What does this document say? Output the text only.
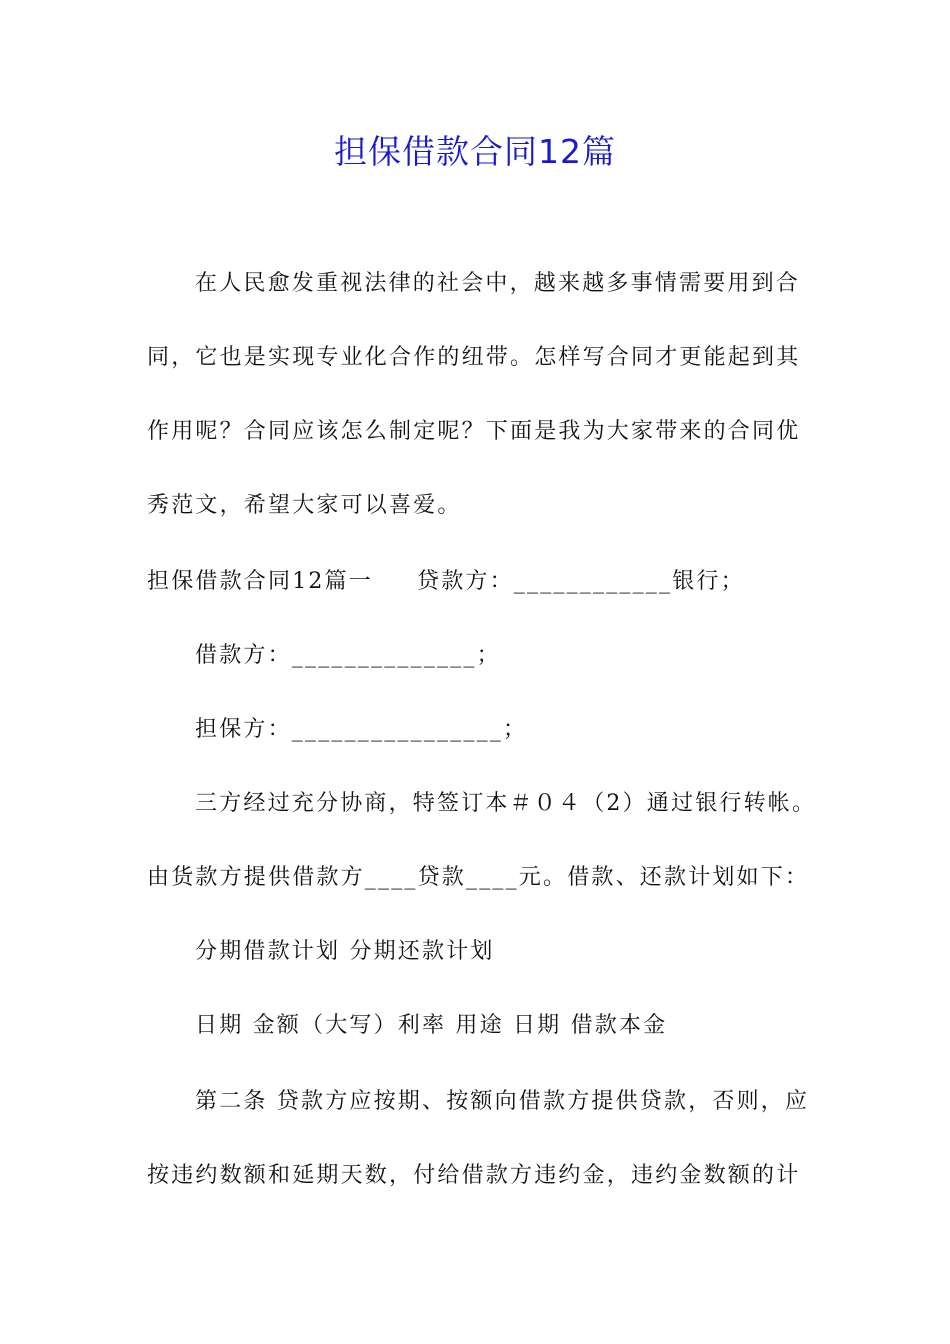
担保借款合同12篇
在人民愈发重视法律的社会中，越来越多事情需要用到合
同，它也是实现专业化合作的纽带。怎样写合同才更能起到其
作用呢？合同应该怎么制定呢？下面是我为大家带来的合同优
秀范文，希望大家可以喜爱。
担保借款合同12篇一 贷款方：____________银行；
借款方：______________；
担保方：________________；
三方经过充分协商，特签订本＃０４（2）通过银行转帐。
由货款方提供借款方____贷款____元。借款、还款计划如下：
分期借款计划 分期还款计划
日期 金额（大写）利率 用途 日期 借款本金
第二条 贷款方应按期、按额向借款方提供贷款，否则，应
按违约数额和延期天数，付给借款方违约金，违约金数额的计
